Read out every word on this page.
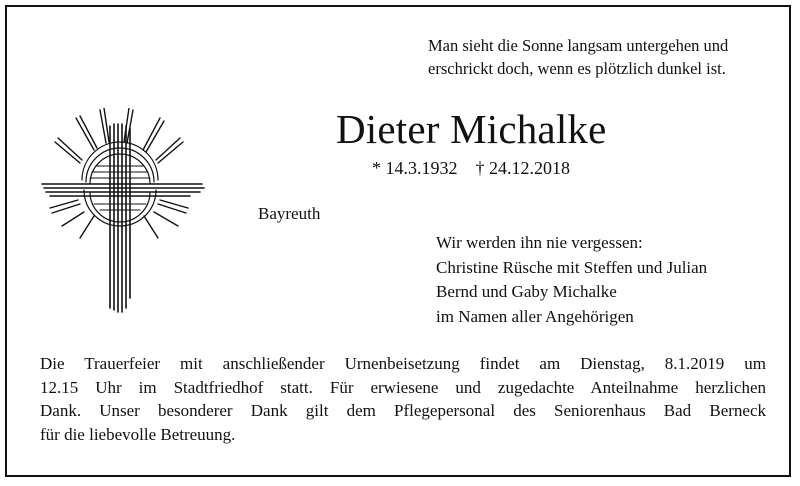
Man sieht die Sonne langsam untergehen und
erschrickt doch, wenn es plötzlich dunkel ist.
Dieter Michalke
* 14.3.1932 † 24.12.2018
Bayreuth
Wir werden ihn nie vergessen:
Christine Rüsche mit Steffen und Julian
Bernd und Gaby Michalke
im Namen aller Angehörigen
Die Trauerfeier mit anschließender Urnenbeisetzung findet am Dienstag, 8.1.2019 um
12.15 Uhr im Stadtfriedhof statt. Für erwiesene und zugedachte Anteilnahme herzlichen
Dank. Unser besonderer Dank gilt dem Pflegepersonal des Seniorenhaus Bad Berneck
für die liebevolle Betreuung.
